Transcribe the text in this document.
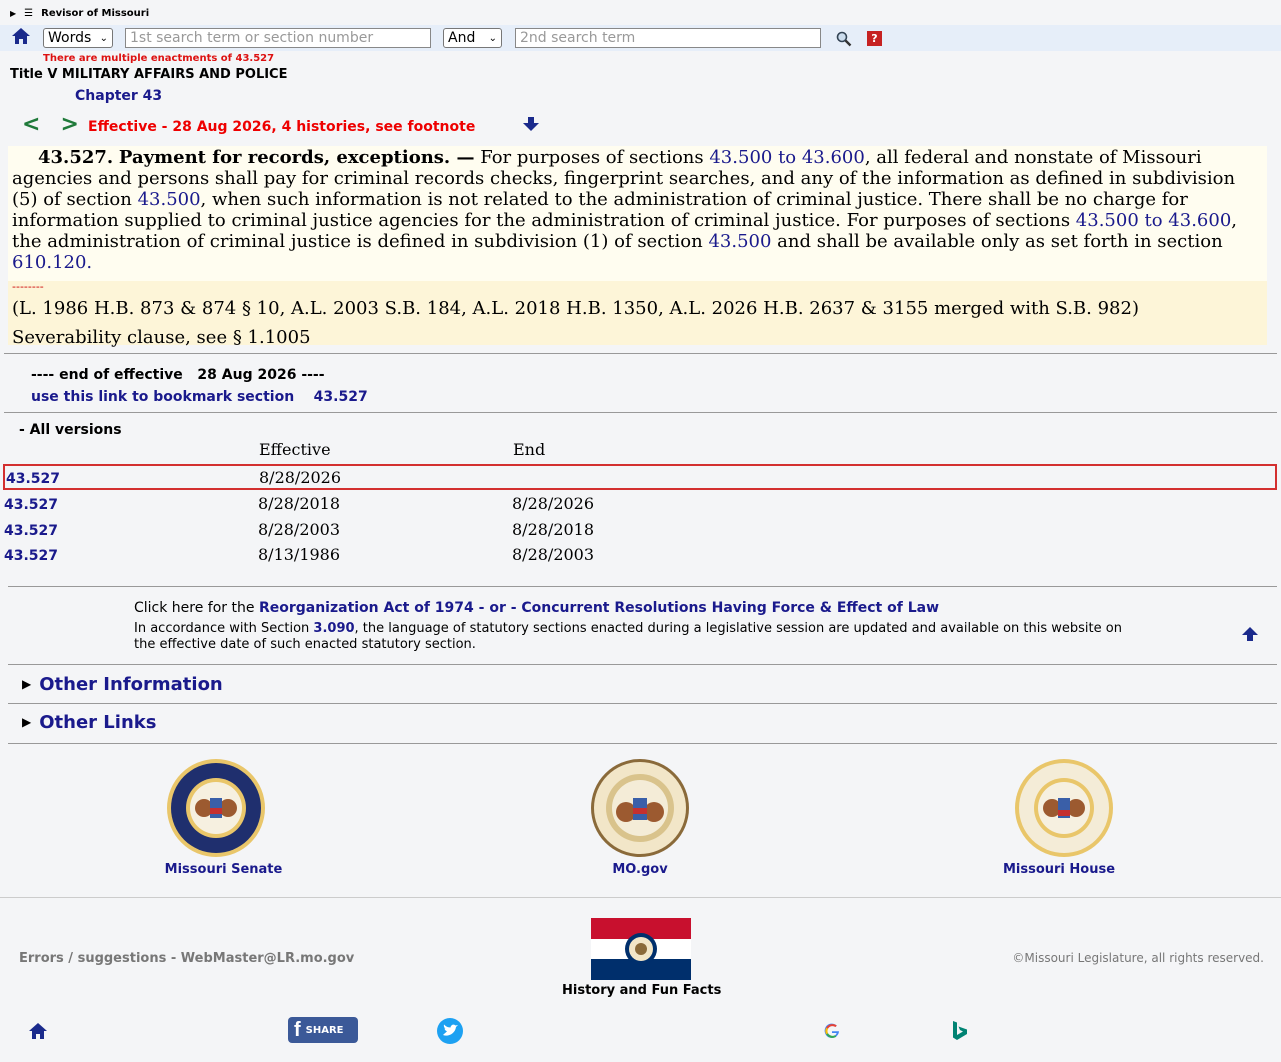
▶ ☰ Revisor of Missouri
Words ⌄ 1st search term or section number	And ⌄ 2nd search term	?
There are multiple enactments of 43.527
Title V MILITARY AFFAIRS AND POLICE
Chapter 43
< > Effective - 28 Aug 2026, 4 histories, see footnote
43.527. Payment for records, exceptions. — For purposes of sections 43.500 to 43.600, all federal and nonstate of Missouri agencies and persons shall pay for criminal records checks, fingerprint searches, and any of the information as defined in subdivision (5) of section 43.500, when such information is not related to the administration of criminal justice. There shall be no charge for information supplied to criminal justice agencies for the administration of criminal justice. For purposes of sections 43.500 to 43.600, the administration of criminal justice is defined in subdivision (1) of section 43.500 and shall be available only as set forth in section 610.120.
--------
(L. 1986 H.B. 873 & 874 § 10, A.L. 2003 S.B. 184, A.L. 2018 H.B. 1350, A.L. 2026 H.B. 2637 & 3155 merged with S.B. 982)
Severability clause, see § 1.1005
---- end of effective   28 Aug 2026 ----
use this link to bookmark section 43.527
- All versions
Effective	End
43.527	8/28/2026
43.527	8/28/2018	8/28/2026
43.527	8/28/2003	8/28/2018
43.527	8/13/1986	8/28/2003
Click here for the Reorganization Act of 1974 - or - Concurrent Resolutions Having Force & Effect of Law
In accordance with Section 3.090, the language of statutory sections enacted during a legislative session are updated and available on this website on the effective date of such enacted statutory section.
▶ Other Information
▶ Other Links
Missouri Senate	MO.gov	Missouri House
Errors / suggestions - WebMaster@LR.mo.gov
History and Fun Facts
©Missouri Legislature, all rights reserved.
f SHARE
